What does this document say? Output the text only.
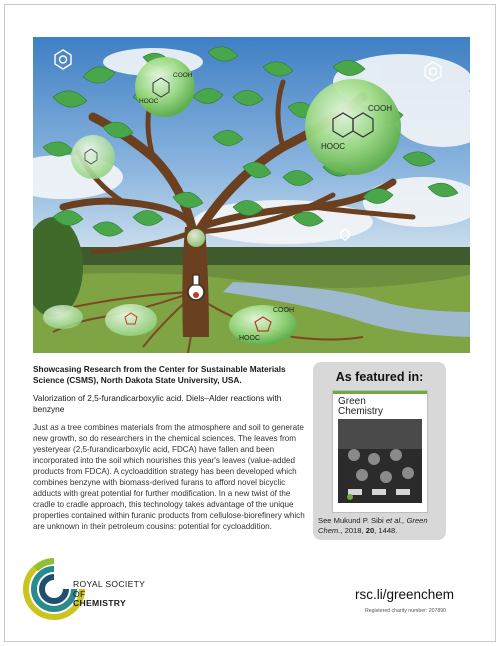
COOH
HOOC
COOH
HOOC
COOH
HOOC
Showcasing Research from the Center for Sustainable Materials Science (CSMS), North Dakota State University, USA.
Valorization of 2,5-furandicarboxylic acid. Diels–Alder reactions with benzyne
Just as a tree combines materials from the atmosphere and soil to generate new growth, so do researchers in the chemical sciences. The leaves from yesteryear (2,5-furandicarboxylic acid, FDCA) have fallen and been incorporated into the soil which nourishes this year's leaves (value-added products from FDCA). A cycloaddition strategy has been developed which combines benzyne with biomass-derived furans to afford novel bicyclic adducts with great potential for further modification. In a new twist of the cradle to cradle approach, this technology takes advantage of the unique properties contained within furanic products from cellulose-biorefinery which are unknown in their petroleum cousins: potential for cycloaddition.
As featured in:
Green
Chemistry
See Mukund P. Sibi et al., Green Chem., 2018, 20, 1448.
ROYAL SOCIETY
OF
CHEMISTRY
rsc.li/greenchem
Registered charity number: 207890
